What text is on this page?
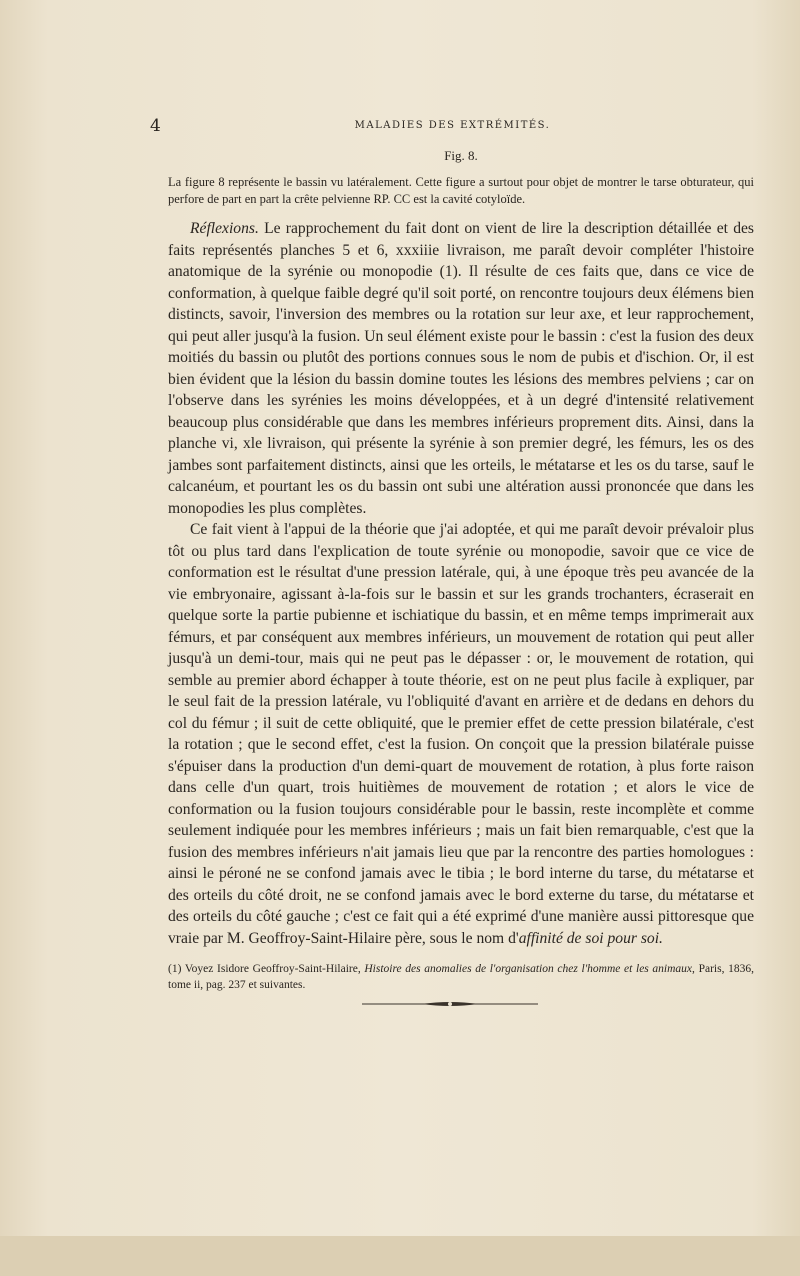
4	MALADIES DES EXTRÉMITÉS.
Fig. 8.

La figure 8 représente le bassin vu latéralement. Cette figure a surtout pour objet de montrer le tarse obturateur, qui perfore de part en part la crête pelvienne RP. CC est la cavité cotyloïde.

Réflexions. Le rapprochement du fait dont on vient de lire la description détaillée et des faits représentés planches 5 et 6, xxxiiie livraison, me paraît devoir compléter l'histoire anatomique de la syrénie ou monopodie (1). Il résulte de ces faits que, dans ce vice de conformation, à quelque faible degré qu'il soit porté, on rencontre toujours deux élémens bien distincts, savoir, l'inversion des membres ou la rotation sur leur axe, et leur rapprochement, qui peut aller jusqu'à la fusion. Un seul élément existe pour le bassin : c'est la fusion des deux moitiés du bassin ou plutôt des portions connues sous le nom de pubis et d'ischion. Or, il est bien évident que la lésion du bassin domine toutes les lésions des membres pelviens ; car on l'observe dans les syrénies les moins développées, et à un degré d'intensité relativement beaucoup plus considérable que dans les membres inférieurs proprement dits. Ainsi, dans la planche vi, xle livraison, qui présente la syrénie à son premier degré, les fémurs, les os des jambes sont parfaitement distincts, ainsi que les orteils, le métatarse et les os du tarse, sauf le calcanéum, et pourtant les os du bassin ont subi une altération aussi prononcée que dans les monopodies les plus complètes.

Ce fait vient à l'appui de la théorie que j'ai adoptée, et qui me paraît devoir prévaloir plus tôt ou plus tard dans l'explication de toute syrénie ou monopodie, savoir que ce vice de conformation est le résultat d'une pression latérale, qui, à une époque très peu avancée de la vie embryonaire, agissant à-la-fois sur le bassin et sur les grands trochanters, écraserait en quelque sorte la partie pubienne et ischiatique du bassin, et en même temps imprimerait aux fémurs, et par conséquent aux membres inférieurs, un mouvement de rotation qui peut aller jusqu'à un demi-tour, mais qui ne peut pas le dépasser : or, le mouvement de rotation, qui semble au premier abord échapper à toute théorie, est on ne peut plus facile à expliquer, par le seul fait de la pression latérale, vu l'obliquité d'avant en arrière et de dedans en dehors du col du fémur ; il suit de cette obliquité, que le premier effet de cette pression bilatérale, c'est la rotation ; que le second effet, c'est la fusion. On conçoit que la pression bilatérale puisse s'épuiser dans la production d'un demi-quart de mouvement de rotation, à plus forte raison dans celle d'un quart, trois huitièmes de mouvement de rotation ; et alors le vice de conformation ou la fusion toujours considérable pour le bassin, reste incomplète et comme seulement indiquée pour les membres inférieurs ; mais un fait bien remarquable, c'est que la fusion des membres inférieurs n'ait jamais lieu que par la rencontre des parties homologues : ainsi le péroné ne se confond jamais avec le tibia ; le bord interne du tarse, du métatarse et des orteils du côté droit, ne se confond jamais avec le bord externe du tarse, du métatarse et des orteils du côté gauche ; c'est ce fait qui a été exprimé d'une manière aussi pittoresque que vraie par M. Geoffroy-Saint-Hilaire père, sous le nom d'affinité de soi pour soi.

(1) Voyez Isidore Geoffroy-Saint-Hilaire, Histoire des anomalies de l'organisation chez l'homme et les animaux, Paris, 1836, tome ii, pag. 237 et suivantes.
